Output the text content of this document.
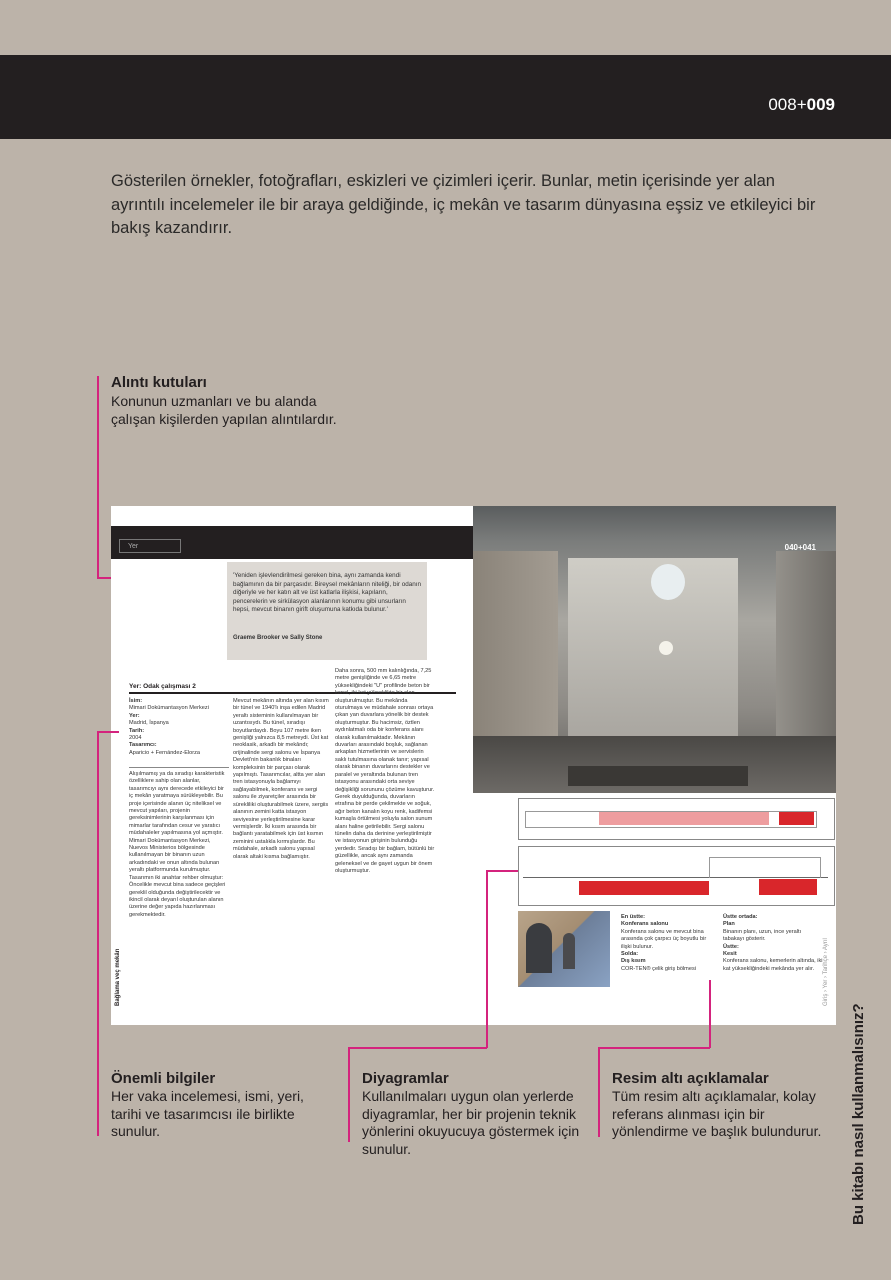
008+009
Gösterilen örnekler, fotoğrafları, eskizleri ve çizimleri içerir. Bunlar, metin içerisinde yer alan ayrıntılı incelemeler ile bir araya geldiğinde, iç mekân ve tasarım dünyasına eşsiz ve etkileyici bir bakış kazandırır.
Alıntı kutuları
Konunun uzmanları ve bu alanda çalışan kişilerden yapılan alıntılardır.
Yer	040+041
'Yeniden işlevlendirilmesi gereken bina, aynı zamanda kendi bağlamının da bir parçasıdır. Bireysel mekânların niteliği, bir odanın diğeriyle ve her katın alt ve üst katlarla ilişkisi, kapıların, pencerelerin ve sirkülasyon alanlarının konumu gibi unsurların hepsi, mevcut binanın girift oluşumuna katkıda bulunur.'
Graeme Brooker ve Sally Stone
Yer: Odak çalışması 2
İsim:
Mimari Dokümantasyon Merkezi
Yer:
Madrid, İspanya
Tarih:
2004
Tasarımcı:
Aparicio + Fernández-Elorza
Alışılmamış ya da sıradışı karakteristik özelliklere sahip olan alanlar, tasarımcıyı aynı derecede etkileyici bir iç mekân yaratmaya sürükleyebilir. Bu proje içerisinde alanın üç niteliksel ve mevcut yapıları, projenin gereksinimlerinin karşılanması için mimarlar tarafından cesur ve yaratıcı müdahaleler yapılmasına yol açmıştır. Mimari Dokümantasyon Merkezi, Nuevos Ministerios bölgesinde kullanılmayan bir binanın uzun arkadındaki ve onun altında bulunan yeraltı platformunda kurulmuştur. Tasarımın iki anahtar rehber olmuştur: Öncelikle mevcut bina sadece geçişleri gereklil olduğunda değiştirilecektir ve ikincil olarak deyarıl oluşturulan alanın üzerine değer yapıda hazırlanması gerekmektedir.
Mevcut mekânın altında yer alan kısım bir tünel ve 1940'lı inşa edilen Madrid yeraltı sisteminin kullanılmayan bir uzantısıydı. Bu tünel, sıradışı boyutlardaydı. Boyu 107 metre iken genişliği yalnızca 8,5 metreydi. Üst kat neoklasik, arkadlı bir mekândı; orijinalinde sergi salonu ve İspanya Devleti'nin bakanlık binaları kompleksinin bir parçası olarak yapılmıştı. Tasarımcılar, altta yer alan tren istasyonuyla bağlamıyı sağlayabilmek, konferans ve sergi salonu ile ziyaretçiler arasında bir sürekliliki oluşturabilmek üzere, sergiis alanının zemini katta istasyon seviyesine yerleştirilmesine karar vermişlerdir. İki kısım arasında bir bağlantı yaratabilmek için üst kısmın zeminini ustalıkla kırmışlardır. Bu müdahale, arkadlı salonu yapısal olarak altaki kısma bağlamıştır.
Daha sonra, 500 mm kalınlığında, 7,25 metre genişliğinde ve 6,65 metre yüksekliğindeki "U" profilinde beton bir kanal, iki kat yükseklikte bir alan oluşturulmuştur. Bu mekânda oturulmaya ve müdahale sonrası ortaya çıkan yan duvarlara yönelik bir destek oluşturmuştur. Bu hacimsiz, öztlen aydınlatmalı oda bir konferans alanı olarak kullanılmaktadır. Mekânın duvarları arasındaki boşluk, sağlanan arkaplan hizmetlerinin ve servislerin saklı tutulmasına olanak tanır; yapısal olarak binanın duvarlarını destekler ve paralel ve yeraltında bulunan tren istasyonu arasındaki orta seviye değişikliği sorununu çözüme kavuşturur. Gerek duyulduğunda, duvarların etrafına bir perde çekilmekte ve soğuk, ağır beton kanalın koyu renk, kadifemsi kumaşla örtülmesi yoluyla salon sunum alanı haline getirilebilir. Sergi salonu tünelin daha da derinine yerleştirilmiştir ve istasyonun girişinin bulunduğu yerdedir. Sıradışı bir bağlam, bütünlü bir güzellikle, ancak aynı zamanda geleneksel ve de gayet uygun bir önem oluşturmuştur.
Bağlama veç mekân
En üstte:
Konferans salonu
Konferans salonu ve mevcut bina arasında çok çarpıcı üç boyutlu bir ilişki bulunur.
Solda:
Dış kısım
COR-TEN® çelik giriş bölmesi
Üstte ortada:
Plan
Binanın planı, uzun, ince yeraltı tabakayı gösterir.
Üstte:
Kesit
Konferans salonu, kemerlerin altında, iki kat yüksekliğindeki mekânda yer alır.	Giriş › Yer › Tarihçe › Ayrıl
Önemli bilgiler
Her vaka incelemesi, ismi, yeri, tarihi ve tasarımcısı ile birlikte sunulur.
Diyagramlar
Kullanılmaları uygun olan yerlerde diyagramlar, her bir projenin teknik yönlerini okuyucuya göstermek için sunulur.
Resim altı açıklamalar
Tüm resim altı açıklamalar, kolay referans alınması için bir yönlendirme ve başlık bulundurur.	Bu kitabı nasıl kullanmalısınız?
